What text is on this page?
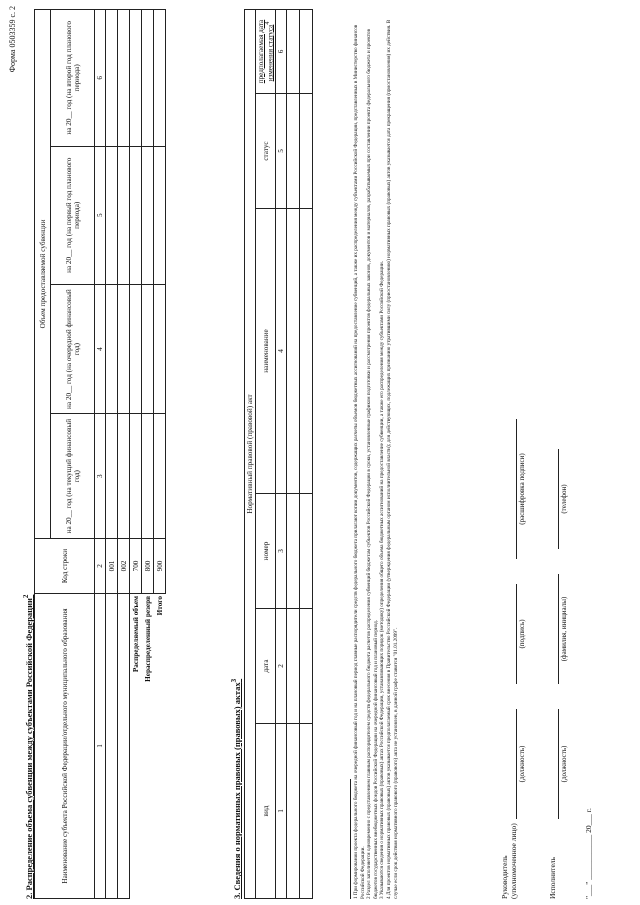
Форма 0503359 с. 2
2. Распределение объема субвенции между субъектами Российской Федерации$^2$
Наименование субъекта Российской Федерации/отдельного муниципального образования	Код строки	Объем предоставляемой субвенции			
		на 20__ год (на текущий финансовый год)	на 20__ год (на очередной финансовый год)	на 20__ год (на первый год планового периода)	на 20__ год (на второй год планового периода)
1	2	3	4	5	6
	001				
	002				
Распределяемый объем	700				
Нераспределенный резерв	800				
Итого	900				
3. Сведения о нормативных правовых (правовых) актах$^3$
Нормативный правовой (правовой) акт					
вид	дата	номер	наименование	статус	предполагаемая дата изменения статуса$^4$
1	2	3	4	5	6

						1 При формировании проекта федерального бюджета на очередной финансовый год и на плановый период главные распорядители средств федерального бюджета прилагают копии документов, содержащих расчеты объемов бюджетных ассигнований на предоставление субвенций, а также их распределения между субъектами Российской Федерации, представленных в Министерство финансов Российской Федерации. 2 Раздел заполняется одновременно с представлением главным распорядителем средств федерального бюджета расчетов распределения субвенций бюджетам субъектов Российской Федерации в сроки, установленные графиком подготовки и рассмотрения проектов федеральных законов, документов и материалов, разрабатываемых при составлении проекта федерального бюджета и проектов бюджетов государственных внебюджетных фондов Российской Федерации на очередной финансовый год и плановый период. 3 Указываются сведения о нормативных правовых (правовых) актах Российской Федерации, устанавливающих порядок (методику) определения общего объема бюджетных ассигнований на предоставление субвенции, а также его распределения между субъектами Российской Федерации. 4 Для проектов нормативных правовых (правовых) актов указывается предполагаемый срок внесения в Правительство Российской Федерации (утверждения федеральным органом исполнительной власти); для действующих, подлежащих признанию утратившими силу (приостановлению) нормативных правовых (правовых) актов указывается дата прекращения (приостановления) их действия. В случае если срок действия нормативного правового (правового) акта не установлен, в данной графе ставится "01.01.2099".	Руководитель (уполномоченное лицо)
(должность)
(подпись)
(расшифровка подписи)
Исполнитель
(должность)
(фамилия, инициалы)
(телефон)
"___" ____________ 20___ г.
